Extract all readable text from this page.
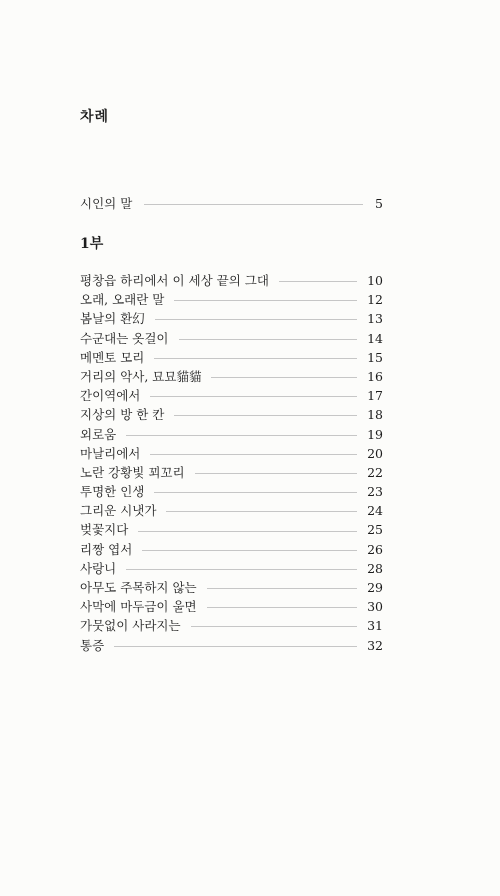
차례
시인의 말	5
1부
평창읍 하리에서 이 세상 끝의 그대	10
오래, 오래란 말	12
봄날의 환幻	13
수군대는 옷걸이	14
메멘토 모리	15
거리의 악사, 묘묘貓貓	16
간이역에서	17
지상의 방 한 칸	18
외로움	19
마날리에서	20
노란 강황빛 꾀꼬리	22
투명한 인생	23
그리운 시냇가	24
벚꽃지다	25
리짱 엽서	26
사랑니	28
아무도 주목하지 않는	29
사막에 마두금이 울면	30
가뭇없이 사라지는	31
통증	32
